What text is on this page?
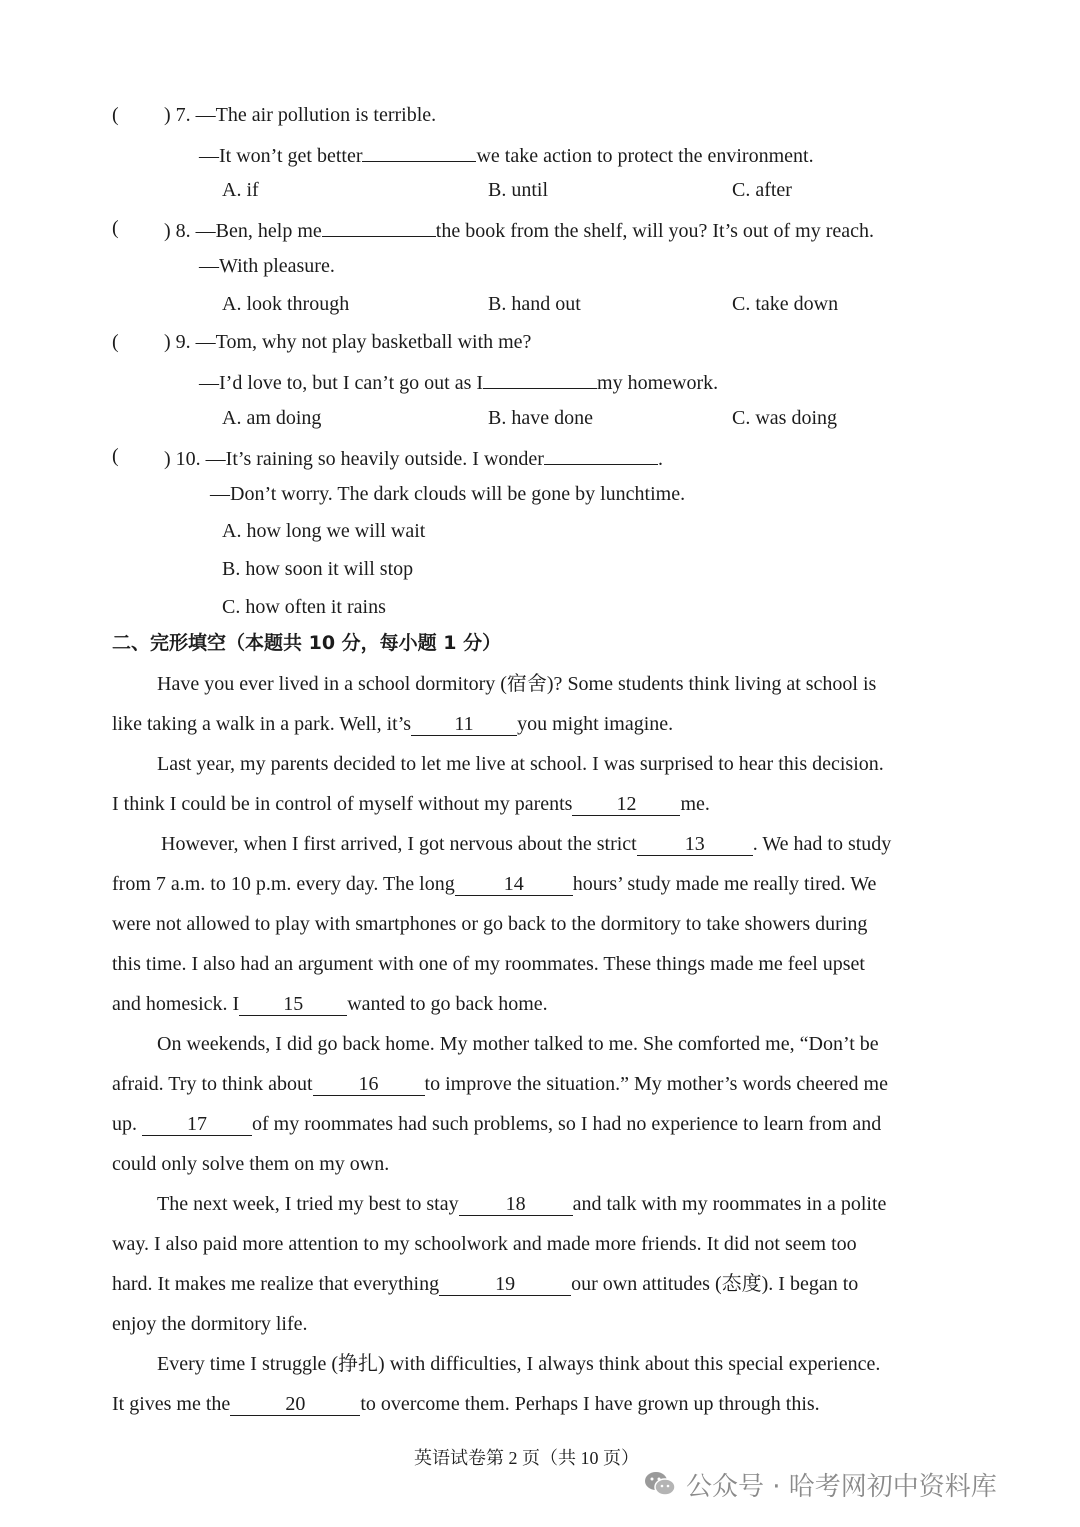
( ) 7. —The air pollution is terrible.
—It won’t get better	we take action to protect the environment.
A. if	B. until	C. after
( ) 8. —Ben, help me	the book from the shelf, will you? It’s out of my reach.
—With pleasure.
A. look through	B. hand out	C. take down
( ) 9. —Tom, why not play basketball with me?
—I’d love to, but I can’t go out as I	my homework.
A. am doing	B. have done	C. was doing
( ) 10. —It’s raining so heavily outside. I wonder	.
—Don’t worry. The dark clouds will be gone by lunchtime.
A. how long we will wait
B. how soon it will stop
C. how often it rains
二、完形填空（本题共 10 分，每小题 1 分）
Have you ever lived in a school dormitory (宿舍)? Some students think living at school is
like taking a walk in a park. Well, it’s 11 you might imagine.
Last year, my parents decided to let me live at school. I was surprised to hear this decision.
I think I could be in control of myself without my parents 12 me.
However, when I first arrived, I got nervous about the strict 13 . We had to study
from 7 a.m. to 10 p.m. every day. The long 14 hours’ study made me really tired. We
were not allowed to play with smartphones or go back to the dormitory to take showers during
this time. I also had an argument with one of my roommates. These things made me feel upset
and homesick. I 15 wanted to go back home.
On weekends, I did go back home. My mother talked to me. She comforted me, “Don’t be
afraid. Try to think about 16 to improve the situation.” My mother’s words cheered me
up.	17 of my roommates had such problems, so I had no experience to learn from and
could only solve them on my own.
The next week, I tried my best to stay 18 and talk with my roommates in a polite
way. I also paid more attention to my schoolwork and made more friends. It did not seem too
hard. It makes me realize that everything	19	our own attitudes (态度). I began to
enjoy the dormitory life.
Every time I struggle (挣扎) with difficulties, I always think about this special experience.
It gives me the	20	to overcome them. Perhaps I have grown up through this.
英语试卷第 2 页（共 10 页）
公众号 · 哈考网初中资料库
